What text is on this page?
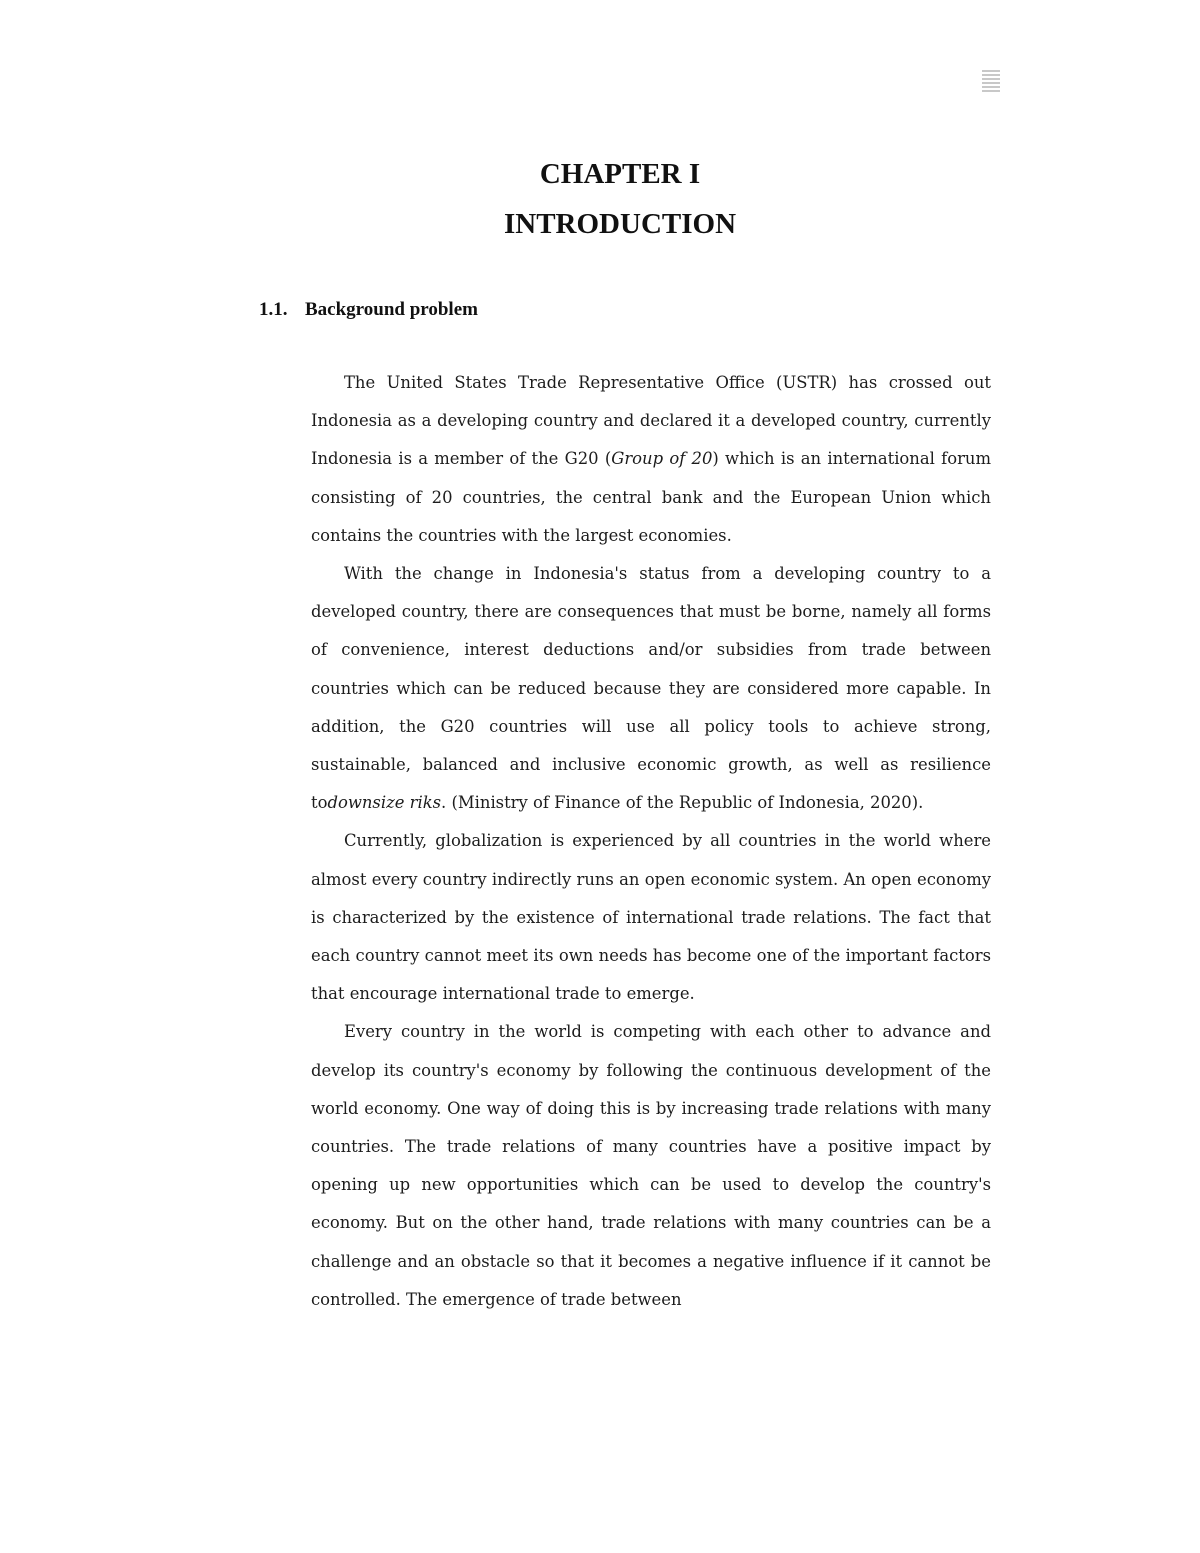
CHAPTER I
INTRODUCTION
1.1. Background problem

The United States Trade Representative Office (USTR) has crossed out Indonesia as a developing country and declared it a developed country, currently Indonesia is a member of the G20 (Group of 20) which is an international forum consisting of 20 countries, the central bank and the European Union which contains the countries with the largest economies.

With the change in Indonesia's status from a developing country to a developed country, there are consequences that must be borne, namely all forms of convenience, interest deductions and/or subsidies from trade between countries which can be reduced because they are considered more capable. In addition, the G20 countries will use all policy tools to achieve strong, sustainable, balanced and inclusive economic growth, as well as resilience todownsize riks. (Ministry of Finance of the Republic of Indonesia, 2020).

Currently, globalization is experienced by all countries in the world where almost every country indirectly runs an open economic system. An open economy is characterized by the existence of international trade relations. The fact that each country cannot meet its own needs has become one of the important factors that encourage international trade to emerge.

Every country in the world is competing with each other to advance and develop its country's economy by following the continuous development of the world economy. One way of doing this is by increasing trade relations with many countries. The trade relations of many countries have a positive impact by opening up new opportunities which can be used to develop the country's economy. But on the other hand, trade relations with many countries can be a challenge and an obstacle so that it becomes a negative influence if it cannot be controlled. The emergence of trade between
